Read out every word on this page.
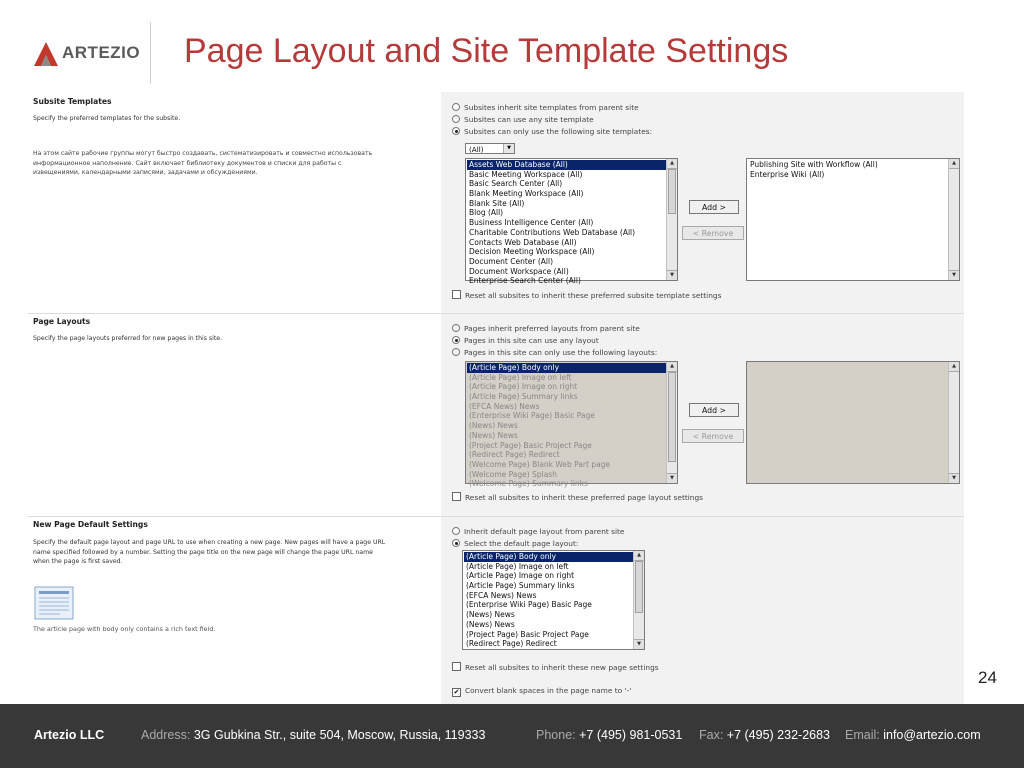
ARTEZIO Page Layout and Site Template Settings
Subsite Templates
Specify the preferred templates for the subsite.
На этом сайте рабочие группы могут быстро создавать, систематизировать и совместно использовать информационное наполнение. Сайт включает библиотеку документов и списки для работы с извещениями, календарными записями, задачами и обсуждениями.
Subsites inherit site templates from parent site
Subsites can use any site template
Subsites can only use the following site templates:
(All)	▼
Assets Web Database (All)
Basic Meeting Workspace (All)
Basic Search Center (All)
Blank Meeting Workspace (All)
Blank Site (All)
Blog (All)
Business Intelligence Center (All)
Charitable Contributions Web Database (All)
Contacts Web Database (All)
Decision Meeting Workspace (All)
Document Center (All)
Document Workspace (All)
Enterprise Search Center (All)
▲
▼
Add >
< Remove
Publishing Site with Workflow (All)
Enterprise Wiki (All)
▲
▼
Reset all subsites to inherit these preferred subsite template settings
Page Layouts
Specify the page layouts preferred for new pages in this site.
Pages inherit preferred layouts from parent site
Pages in this site can use any layout
Pages in this site can only use the following layouts:
(Article Page) Body only
(Article Page) Image on left
(Article Page) Image on right
(Article Page) Summary links
(EFCA News) News
(Enterprise Wiki Page) Basic Page
(News) News
(News) News
(Project Page) Basic Project Page
(Redirect Page) Redirect
(Welcome Page) Blank Web Part page
(Welcome Page) Splash
(Welcome Page) Summary links
▲
▼
Add >
< Remove
▲
▼
Reset all subsites to inherit these preferred page layout settings
New Page Default Settings
Specify the default page layout and page URL to use when creating a new page. New pages will have a page URL name specified followed by a number. Setting the page title on the new page will change the page URL name when the page is first saved.
The article page with body only contains a rich text field.
Inherit default page layout from parent site
Select the default page layout:
(Article Page) Body only
(Article Page) Image on left
(Article Page) Image on right
(Article Page) Summary links
(EFCA News) News
(Enterprise Wiki Page) Basic Page
(News) News
(News) News
(Project Page) Basic Project Page
(Redirect Page) Redirect
▲
▼
Reset all subsites to inherit these new page settings
✔ Convert blank spaces in the page name to '-'
24
Artezio LLC	Address: 3G Gubkina Str., suite 504, Moscow, Russia, 119333	Phone: +7 (495) 981-0531 Fax: +7 (495) 232-2683 Email: info@artezio.com
